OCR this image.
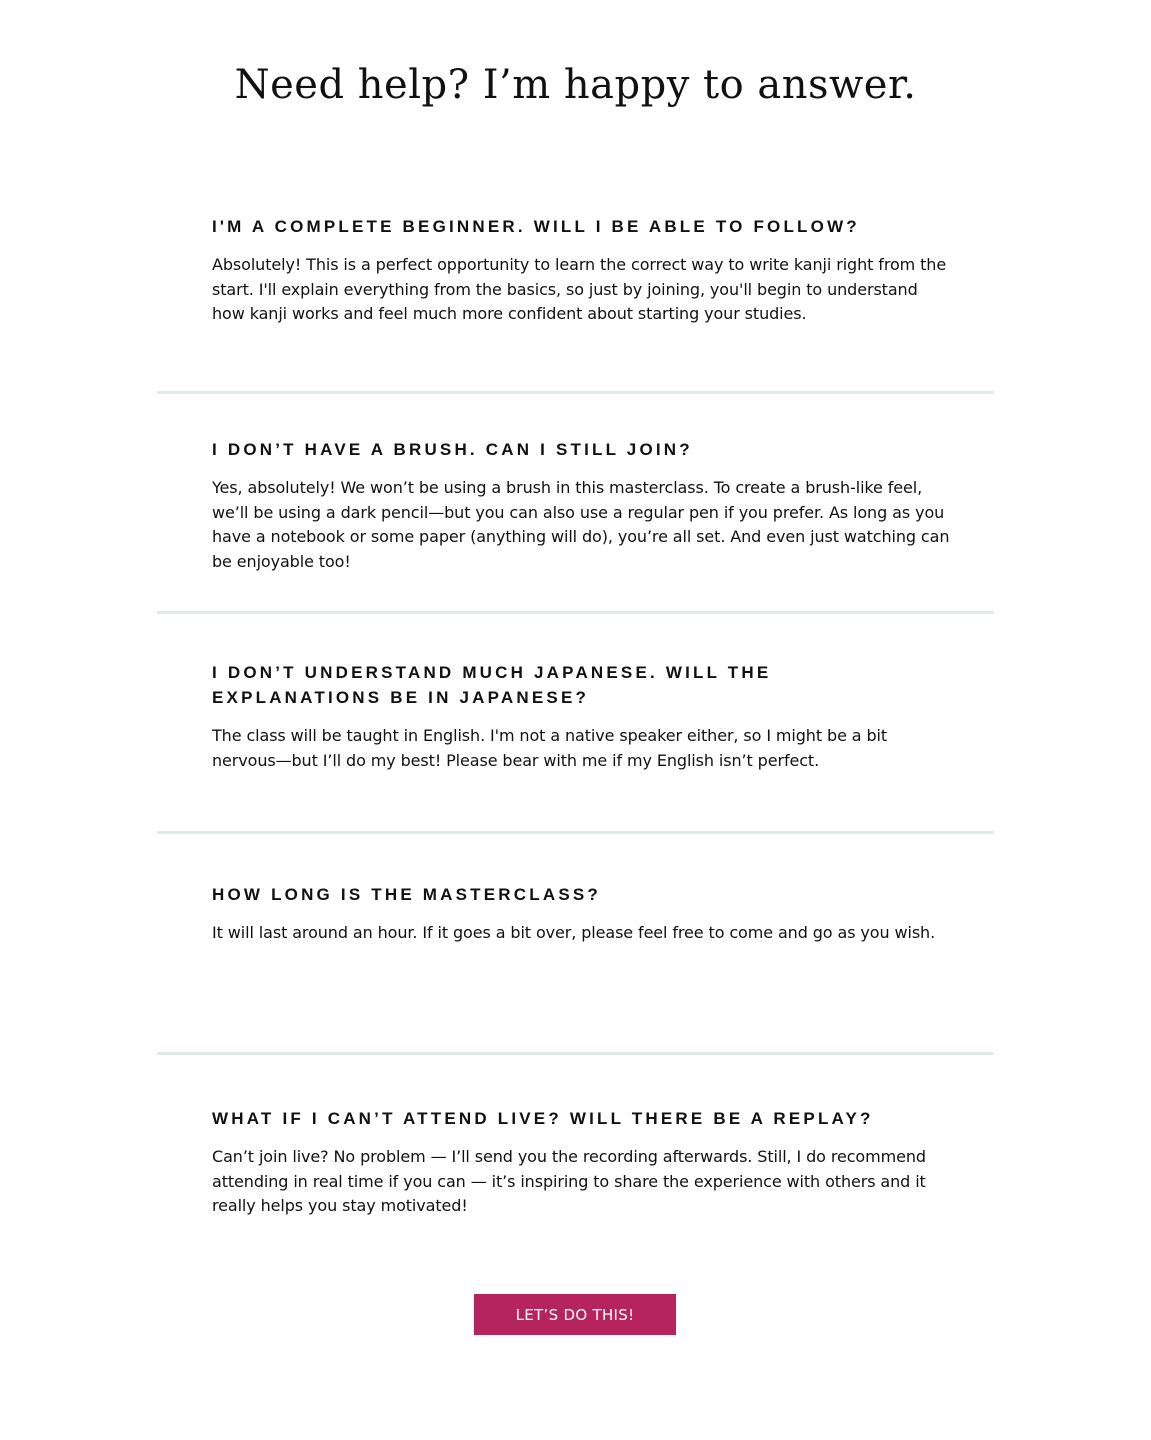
Need help? I’m happy to answer.
I'M A COMPLETE BEGINNER. WILL I BE ABLE TO FOLLOW?

Absolutely! This is a perfect opportunity to learn the correct way to write kanji right from the start. I'll explain everything from the basics, so just by joining, you'll begin to understand how kanji works and feel much more confident about starting your studies.

I DON’T HAVE A BRUSH. CAN I STILL JOIN?

Yes, absolutely! We won’t be using a brush in this masterclass. To create a brush-like feel, we’ll be using a dark pencil—but you can also use a regular pen if you prefer. As long as you have a notebook or some paper (anything will do), you’re all set. And even just watching can be enjoyable too!

I DON’T UNDERSTAND MUCH JAPANESE. WILL THE EXPLANATIONS BE IN JAPANESE?

The class will be taught in English. I'm not a native speaker either, so I might be a bit nervous—but I’ll do my best! Please bear with me if my English isn’t perfect.

HOW LONG IS THE MASTERCLASS?

It will last around an hour. If it goes a bit over, please feel free to come and go as you wish.

WHAT IF I CAN’T ATTEND LIVE? WILL THERE BE A REPLAY?

Can’t join live? No problem — I’ll send you the recording afterwards. Still, I do recommend attending in real time if you can — it’s inspiring to share the experience with others and it really helps you stay motivated!

LET’S DO THIS!
